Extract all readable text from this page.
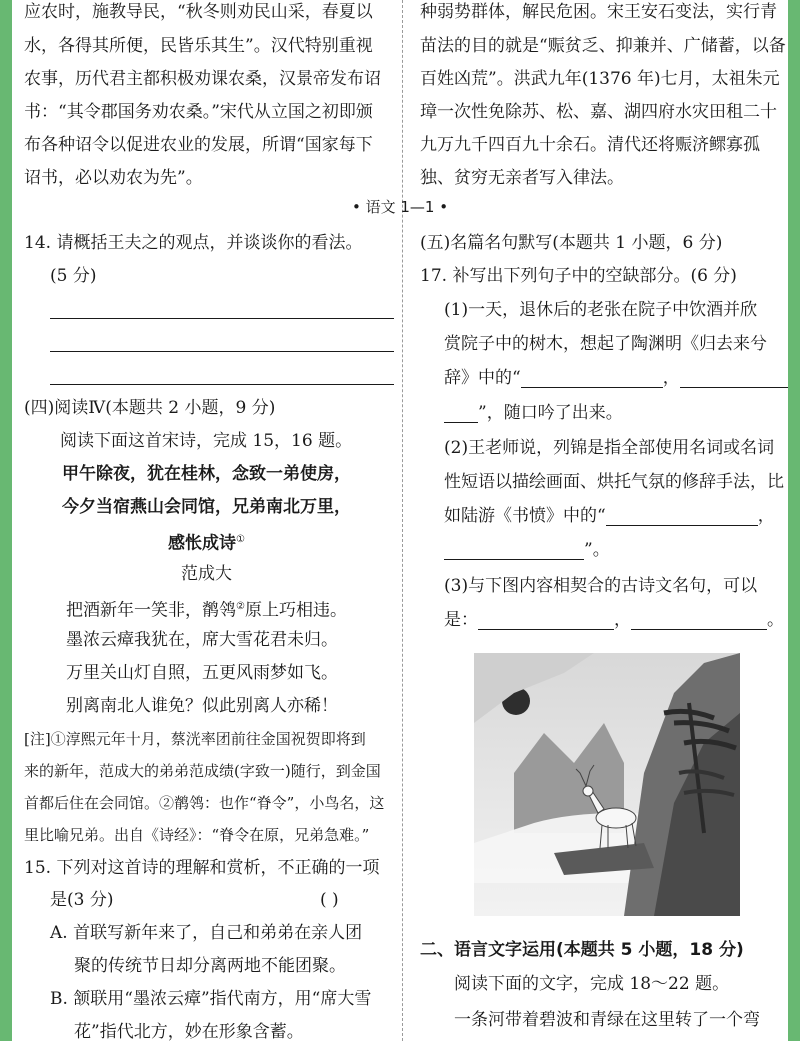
应农时，施教导民，“秋冬则劝民山采，春夏以
水，各得其所便，民皆乐其生”。汉代特别重视
农事，历代君主都积极劝课农桑，汉景帝发布诏
书：“其令郡国务劝农桑。”宋代从立国之初即颁
布各种诏令以促进农业的发展，所谓“国家每下
诏书，必以劝农为先”。
14. 请概括王夫之的观点，并谈谈你的看法。
(5 分)
(四)阅读Ⅳ(本题共 2 小题，9 分)
阅读下面这首宋诗，完成 15，16 题。
甲午除夜，犹在桂林，念致一弟使房，
今夕当宿燕山会同馆，兄弟南北万里，
感怅成诗①
范成大
把酒新年一笑非，鹡鸰②原上巧相违。
墨浓云瘴我犹在，席大雪花君未归。
万里关山灯自照，五更风雨梦如飞。
别离南北人谁免？似此别离人亦稀！
[注]①淳熙元年十月，蔡洸率团前往金国祝贺即将到
来的新年，范成大的弟弟范成绩(字致一)随行，到金国
首都后住在会同馆。②鹡鸰：也作“脊令”，小鸟名，这
里比喻兄弟。出自《诗经》：“脊令在原，兄弟急难。”
15. 下列对这首诗的理解和赏析，不正确的一项
是(3 分)	( )
A. 首联写新年来了，自己和弟弟在亲人团
聚的传统节日却分离两地不能团聚。
B. 颔联用“墨浓云瘴”指代南方，用“席大雪
花”指代北方，妙在形象含蓄。
种弱势群体，解民危困。宋王安石变法，实行青
苗法的目的就是“赈贫乏、抑兼并、广储蓄，以备
百姓凶荒”。洪武九年(1376 年)七月，太祖朱元
璋一次性免除苏、松、嘉、湖四府水灾田租二十
九万九千四百九十余石。清代还将赈济鳏寡孤
独、贫穷无亲者写入律法。
(五)名篇名句默写(本题共 1 小题，6 分)
17. 补写出下列句子中的空缺部分。(6 分)
(1)一天，退休后的老张在院子中饮酒并欣
赏院子中的树木，想起了陶渊明《归去来兮
辞》中的“	，
”，随口吟了出来。
(2)王老师说，列锦是指全部使用名词或名词
性短语以描绘画面、烘托气氛的修辞手法，比
如陆游《书愤》中的“	，
”。
(3)与下图内容相契合的古诗文名句，可以
是：	，	。
二、语言文字运用(本题共 5 小题，18 分)
阅读下面的文字，完成 18～22 题。
一条河带着碧波和青绿在这里转了一个弯
• 语文 1—1 •
